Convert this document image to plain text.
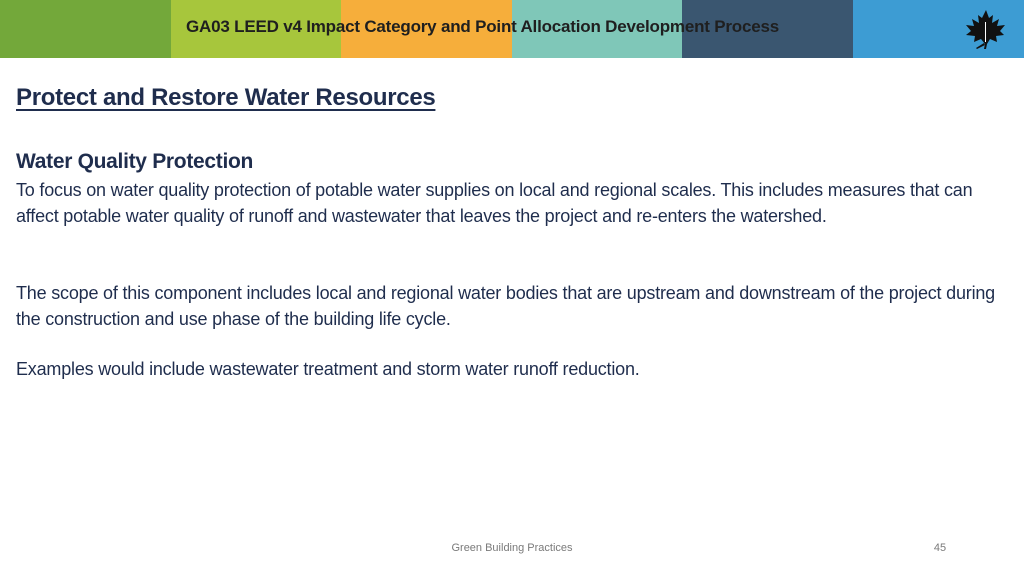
GA03 LEED v4 Impact Category and Point Allocation Development Process
Protect and Restore Water Resources
Water Quality Protection
To focus on water quality protection of potable water supplies on local and regional scales. This includes measures that can affect potable water quality of runoff and wastewater that leaves the project and re-enters the watershed.
The scope of this component includes local and regional water bodies that are upstream and downstream of the project during the construction and use phase of the building life cycle.
Examples would include wastewater treatment and storm water runoff reduction.
Green Building Practices	45
